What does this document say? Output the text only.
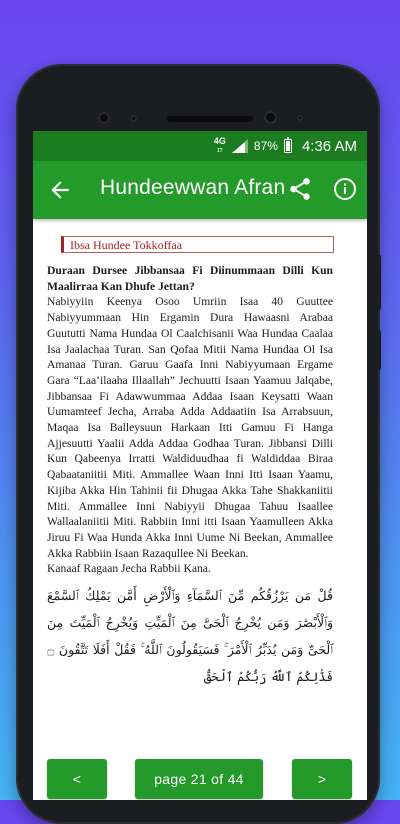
4G
ɪᴛ	87% 4:36 AM
Hundeewwan Afran
Ibsa Hundee Tokkoffaa

Duraan Dursee Jibbansaa Fi Diinummaan Dilli Kun Maalirraa Kan Dhufe Jettan?

Nabiyyiin Keenya Osoo Umriin Isaa 40 Guuttee Nabiyyummaan Hin Ergamin Dura Hawaasni Arabaa Guututti Nama Hundaa Ol Caalchisanii Waa Hundaa Caalaa Isa Jaalachaa Turan. San Qofaa Mitii Nama Hundaa Ol Isa Amanaa Turan. Garuu Gaafa Inni Nabiyyumaan Ergame Gara “Laa’ilaaha Illaallah” Jechuutti Isaan Yaamuu Jalqabe, Jibbansaa Fi Adawwummaa Addaa Isaan Keysatti Waan Uumamteef Jecha, Arraba Adda Addaatiin Isa Arrabsuun, Maqaa Isa Balleysuun Harkaan Itti Gamuu Fi Hanga Ajjesuutti Yaalii Adda Addaa Godhaa Turan. Jibbansi Dilli Kun Qabeenya Irratti Waldiduudhaa fi Waldiddaa Biraa Qabaataniitii Miti. Ammallee Waan Inni Itti Isaan Yaamu, Kijiba Akka Hin Tahinii fii Dhugaa Akka Tahe Shakkaniitii Miti. Ammallee Inni Nabiyyii Dhugaa Tahuu Isaallee Wallaalaniitii Miti. Rabbiin Inni itti Isaan Yaamulleen Akka Jiruu Fi Waa Hunda Akka Inni Uume Ni Beekan, Ammallee Akka Rabbiin Isaan Razaqullee Ni Beekan.

Kanaaf Ragaan Jecha Rabbii Kana.

قُلْ مَن يَرْزُقُكُم مِّنَ ٱلسَّمَآءِ وَٱلْأَرْضِ أَمَّن يَمْلِكُ ٱلسَّمْعَ وَٱلْأَبْصَٰرَ وَمَن يُخْرِجُ ٱلْحَىَّ مِنَ ٱلْمَيِّتِ وَيُخْرِجُ ٱلْمَيِّتَ مِنَ ٱلْحَىِّ وَمَن يُدَبِّرُ ٱلْأَمْرَ ۚ فَسَيَقُولُونَ ٱللَّهُ ۚ فَقُلْ أَفَلَا تَتَّقُونَ ۝ فَذَٰلِكُمُ ٱللَّهُ رَبُّكُمُ ٱلْحَقُّ
<	page 21 of 44	>
